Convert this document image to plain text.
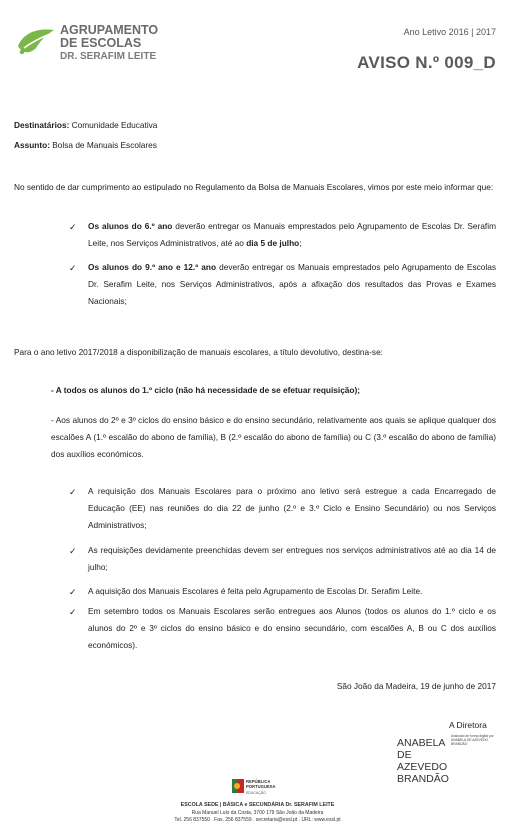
AGRUPAMENTO
DE ESCOLAS
DR. SERAFIM LEITE
Ano Letivo 2016 | 2017
AVISO N.º 009_D
Destinatários: Comunidade Educativa
Assunto: Bolsa de Manuais Escolares
No sentido de dar cumprimento ao estipulado no Regulamento da Bolsa de Manuais Escolares, vimos por este meio informar que:
✓ Os alunos do 6.º ano deverão entregar os Manuais emprestados pelo Agrupamento de Escolas Dr. Serafim Leite, nos Serviços Administrativos, até ao dia 5 de julho;
✓ Os alunos do 9.º ano e 12.º ano deverão entregar os Manuais emprestados pelo Agrupamento de Escolas Dr. Serafim Leite, nos Serviços Administrativos, após a afixação dos resultados das Provas e Exames Nacionais;
Para o ano letivo 2017/2018 a disponibilização de manuais escolares, a título devolutivo, destina-se:
- A todos os alunos do 1.º ciclo (não há necessidade de se efetuar requisição);
- Aos alunos do 2º e 3º ciclos do ensino básico e do ensino secundário, relativamente aos quais se aplique qualquer dos escalões A (1.º escalão do abono de família), B (2.º escalão do abono de família) ou C (3.º escalão do abono de família) dos auxílios económicos.
✓ A requisição dos Manuais Escolares para o próximo ano letivo será estregue a cada Encarregado de Educação (EE) nas reuniões do dia 22 de junho (2.º e 3.º Ciclo e Ensino Secundário) ou nos Serviços Administrativos;
✓ As requisições devidamente preenchidas devem ser entregues nos serviços administrativos até ao dia 14 de julho;
✓ A aquisição dos Manuais Escolares é feita pelo Agrupamento de Escolas Dr. Serafim Leite.
✓ Em setembro todos os Manuais Escolares serão entregues aos Alunos (todos os alunos do 1.º ciclo e os alunos do 2º e 3º ciclos do ensino básico e do ensino secundário, com escalões A, B ou C dos auxílios económicos).
São João da Madeira, 19 de junho de 2017
A Diretora
ANABELA
DE
AZEVEDO
BRANDÃO
Assinado de forma digital por ANABELA DE AZEVEDO BRANDÃO
REPÚBLICA PORTUGUESA
EDUCAÇÃO
ESCOLA SEDE | BÁSICA e SECUNDÁRIA Dr. SERAFIM LEITE
Rua Manuel Luís da Costa, 3700 179 São João da Madeira
Tel. 256 837550 . Fax. 256 837559 . secretaria@essl.pt . URL: www.essl.pt
